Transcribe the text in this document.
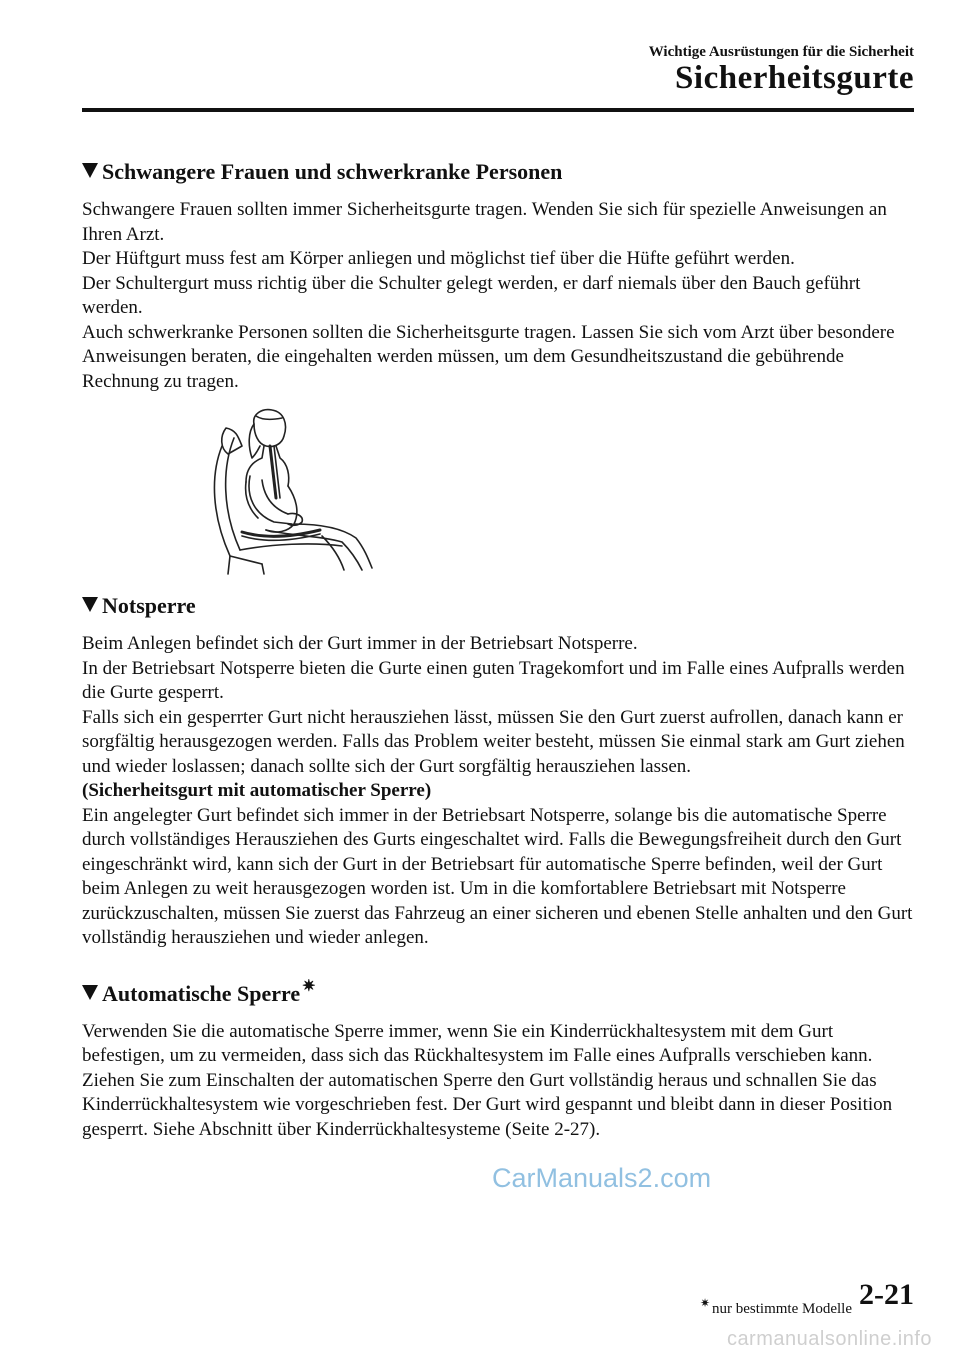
Wichtige Ausrüstungen für die Sicherheit
Sicherheitsgurte
Schwangere Frauen und schwerkranke Personen

Schwangere Frauen sollten immer Sicherheitsgurte tragen. Wenden Sie sich für spezielle Anweisungen an Ihren Arzt.

Der Hüftgurt muss fest am Körper anliegen und möglichst tief über die Hüfte geführt werden.

Der Schultergurt muss richtig über die Schulter gelegt werden, er darf niemals über den Bauch geführt werden.

Auch schwerkranke Personen sollten die Sicherheitsgurte tragen. Lassen Sie sich vom Arzt über besondere Anweisungen beraten, die eingehalten werden müssen, um dem Gesundheitszustand die gebührende Rechnung zu tragen.

Notsperre

Beim Anlegen befindet sich der Gurt immer in der Betriebsart Notsperre.

In der Betriebsart Notsperre bieten die Gurte einen guten Tragekomfort und im Falle eines Aufpralls werden die Gurte gesperrt.

Falls sich ein gesperrter Gurt nicht herausziehen lässt, müssen Sie den Gurt zuerst aufrollen, danach kann er sorgfältig herausgezogen werden. Falls das Problem weiter besteht, müssen Sie einmal stark am Gurt ziehen und wieder loslassen; danach sollte sich der Gurt sorgfältig herausziehen lassen.

(Sicherheitsgurt mit automatischer Sperre)

Ein angelegter Gurt befindet sich immer in der Betriebsart Notsperre, solange bis die automatische Sperre durch vollständiges Herausziehen des Gurts eingeschaltet wird. Falls die Bewegungsfreiheit durch den Gurt eingeschränkt wird, kann sich der Gurt in der Betriebsart für automatische Sperre befinden, weil der Gurt beim Anlegen zu weit herausgezogen worden ist. Um in die komfortablere Betriebsart mit Notsperre zurückzuschalten, müssen Sie zuerst das Fahrzeug an einer sicheren und ebenen Stelle anhalten und den Gurt vollständig herausziehen und wieder anlegen.

Automatische Sperre ✷

Verwenden Sie die automatische Sperre immer, wenn Sie ein Kinderrückhaltesystem mit dem Gurt befestigen, um zu vermeiden, dass sich das Rückhaltesystem im Falle eines Aufpralls verschieben kann. Ziehen Sie zum Einschalten der automatischen Sperre den Gurt vollständig heraus und schnallen Sie das Kinderrückhaltesystem wie vorgeschrieben fest. Der Gurt wird gespannt und bleibt dann in dieser Position gesperrt. Siehe Abschnitt über Kinderrückhaltesysteme (Seite 2-27).

CarManuals2.com
✷ nur bestimmte Modelle 2-21
carmanualsonline.info
